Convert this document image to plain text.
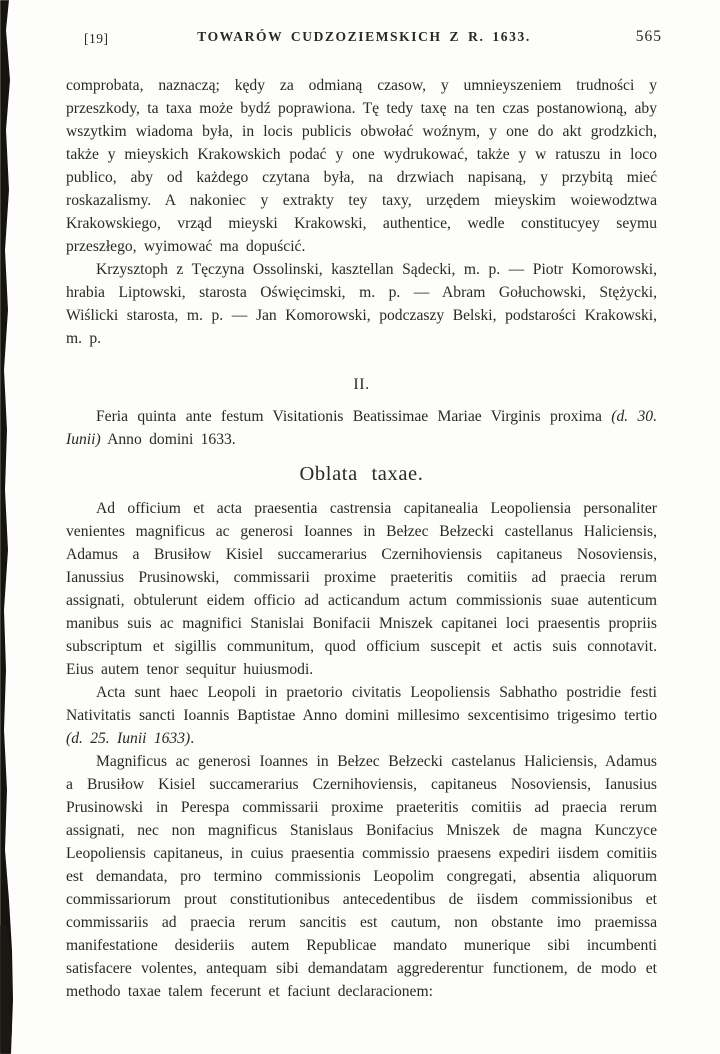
[19]	TOWARÓW CUDZOZIEMSKICH Z R. 1633.	565

comprobata, naznaczą; kędy za odmianą czasow, y umnieyszeniem trudności y przeszkody, ta taxa może bydź poprawiona. Tę tedy taxę na ten czas postanowioną, aby wszytkim wiadoma była, in locis publicis obwołać woźnym, y one do akt grodzkich, także y mieyskich Krakowskich podać y one wydrukować, także y w ratuszu in loco publico, aby od każdego czytana była, na drzwiach napisaną, y przybitą mieć roskazalismy. A nakoniec y extrakty tey taxy, urzędem mieyskim woiewodztwa Krakowskiego, vrząd mieyski Krakowski, authentice, wedle constitucyey seymu przeszłego, wyimować ma dopuścić.

Krzysztoph z Tęczyna Ossolinski, kasztellan Sądecki, m. p. — Piotr Komorowski, hrabia Liptowski, starosta Oświęcimski, m. p. — Abram Gołuchowski, Stężycki, Wiślicki starosta, m. p. — Jan Komorowski, podczaszy Belski, podstarości Krakowski, m. p.

II.

Feria quinta ante festum Visitationis Beatissimae Mariae Virginis proxima (d. 30. Iunii) Anno domini 1633.

Oblata taxae.

Ad officium et acta praesentia castrensia capitanealia Leopoliensia personaliter venientes magnificus ac generosi Ioannes in Bełzec Bełzecki castellanus Haliciensis, Adamus a Brusiłow Kisiel succamerarius Czernihoviensis capitaneus Nosoviensis, Ianussius Prusinowski, commissarii proxime praeteritis comitiis ad praecia rerum assignati, obtulerunt eidem officio ad acticandum actum commissionis suae autenticum manibus suis ac magnifici Stanislai Bonifacii Mniszek capitanei loci praesentis propriis subscriptum et sigillis communitum, quod officium suscepit et actis suis connotavit. Eius autem tenor sequitur huiusmodi.

Acta sunt haec Leopoli in praetorio civitatis Leopoliensis Sabhatho postridie festi Nativitatis sancti Ioannis Baptistae Anno domini millesimo sexcentisimo trigesimo tertio (d. 25. Iunii 1633).

Magnificus ac generosi Ioannes in Bełzec Bełzecki castelanus Haliciensis, Adamus a Brusiłow Kisiel succamerarius Czernihoviensis, capitaneus Nosoviensis, Ianusius Prusinowski in Perespa commissarii proxime praeteritis comitiis ad praecia rerum assignati, nec non magnificus Stanislaus Bonifacius Mniszek de magna Kunczyce Leopoliensis capitaneus, in cuius praesentia commissio praesens expediri iisdem comitiis est demandata, pro termino commissionis Leopolim congregati, absentia aliquorum commissariorum prout constitutionibus antecedentibus de iisdem commissionibus et commissariis ad praecia rerum sancitis est cautum, non obstante imo praemissa manifestatione desideriis autem Republicae mandato munerique sibi incumbenti satisfacere volentes, antequam sibi demandatam aggrederentur functionem, de modo et methodo taxae talem fecerunt et faciunt declaracionem:
